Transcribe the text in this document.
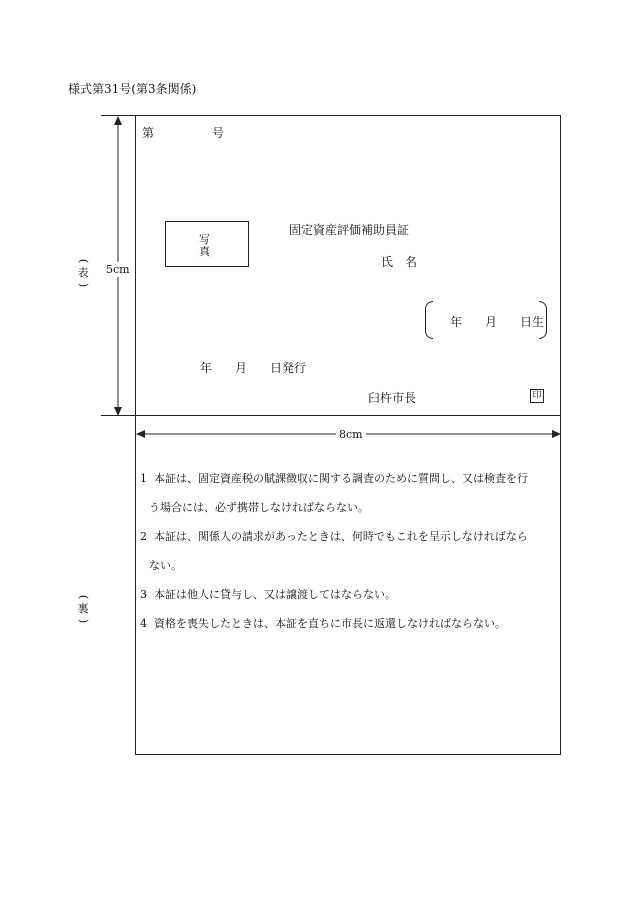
様式第31号(第3条関係)
5cm
(
表
)
(
裏
)
第	号
写
真
固定資産評価補助員証
氏　名
年 月 日生
年 月 日発行
臼杵市長	印
8cm
1 本証は、固定資産税の賦課徴収に関する調査のために質問し、又は検査を行
う場合には、必ず携帯しなければならない。
2 本証は、関係人の請求があったときは、何時でもこれを呈示しなければなら
ない。
3 本証は他人に貸与し、又は譲渡してはならない。
4 資格を喪失したときは、本証を直ちに市長に返還しなければならない。
